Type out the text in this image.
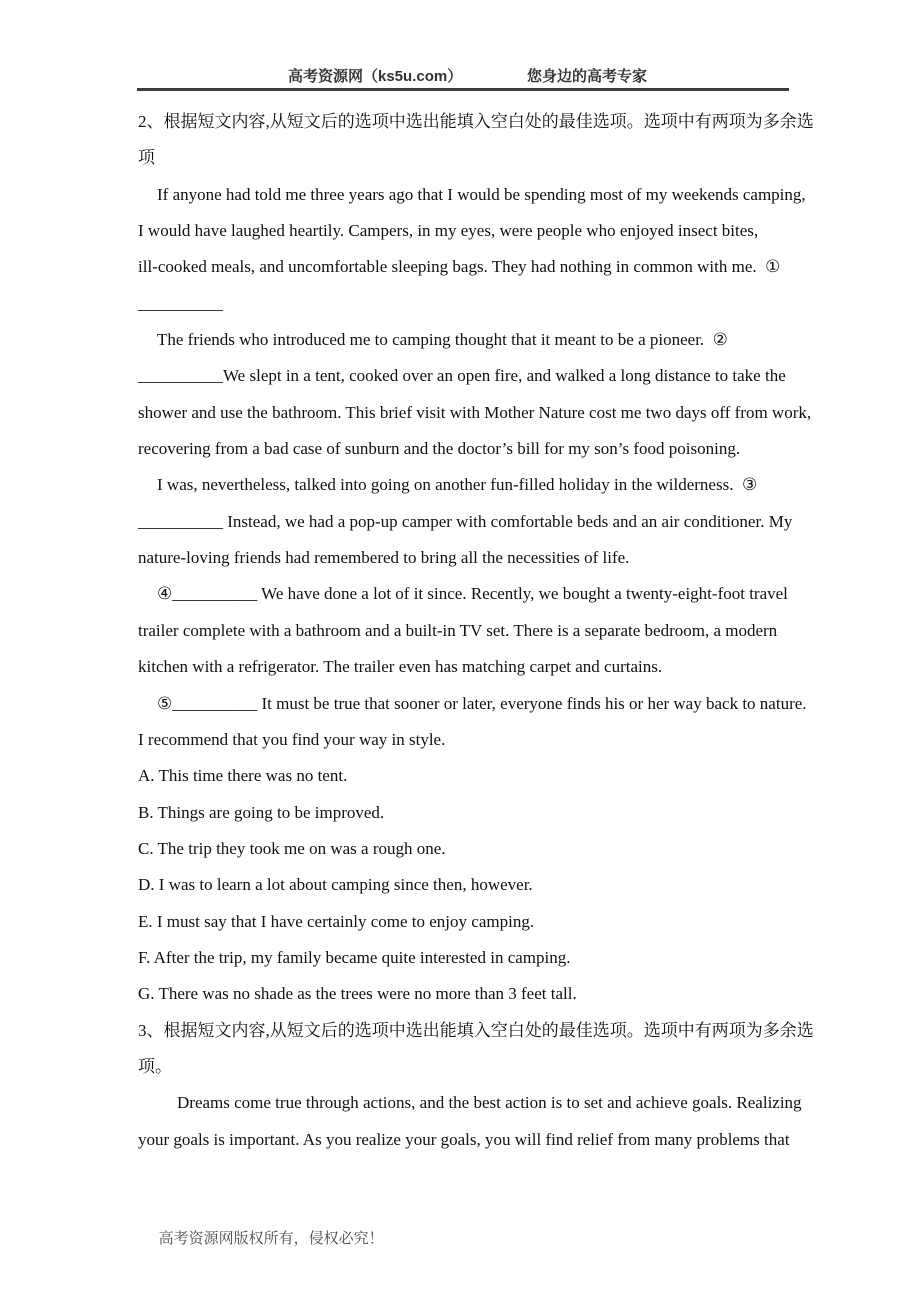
高考资源网（ks5u.com）	您身边的高考专家
2、根据短文内容,从短文后的选项中选出能填入空白处的最佳选项。选项中有两项为多余选
项
If anyone had told me three years ago that I would be spending most of my weekends camping,
I would have laughed heartily. Campers, in my eyes, were people who enjoyed insect bites,
ill-cooked meals, and uncomfortable sleeping bags. They had nothing in common with me.  ①
__________
The friends who introduced me to camping thought that it meant to be a pioneer.  ②
__________We slept in a tent, cooked over an open fire, and walked a long distance to take the
shower and use the bathroom. This brief visit with Mother Nature cost me two days off from work,
recovering from a bad case of sunburn and the doctor’s bill for my son’s food poisoning.
I was, nevertheless, talked into going on another fun-filled holiday in the wilderness.  ③
__________ Instead, we had a pop-up camper with comfortable beds and an air conditioner. My
nature-loving friends had remembered to bring all the necessities of life.
④__________ We have done a lot of it since. Recently, we bought a twenty-eight-foot travel
trailer complete with a bathroom and a built-in TV set. There is a separate bedroom, a modern
kitchen with a refrigerator. The trailer even has matching carpet and curtains.
⑤__________ It must be true that sooner or later, everyone finds his or her way back to nature.
I recommend that you find your way in style.
A. This time there was no tent.
B. Things are going to be improved.
C. The trip they took me on was a rough one.
D. I was to learn a lot about camping since then, however.
E. I must say that I have certainly come to enjoy camping.
F. After the trip, my family became quite interested in camping.
G. There was no shade as the trees were no more than 3 feet tall.
3、根据短文内容,从短文后的选项中选出能填入空白处的最佳选项。选项中有两项为多余选
项。
Dreams come true through actions, and the best action is to set and achieve goals. Realizing
your goals is important. As you realize your goals, you will find relief from many problems that

高考资源网版权所有，侵权必究！
